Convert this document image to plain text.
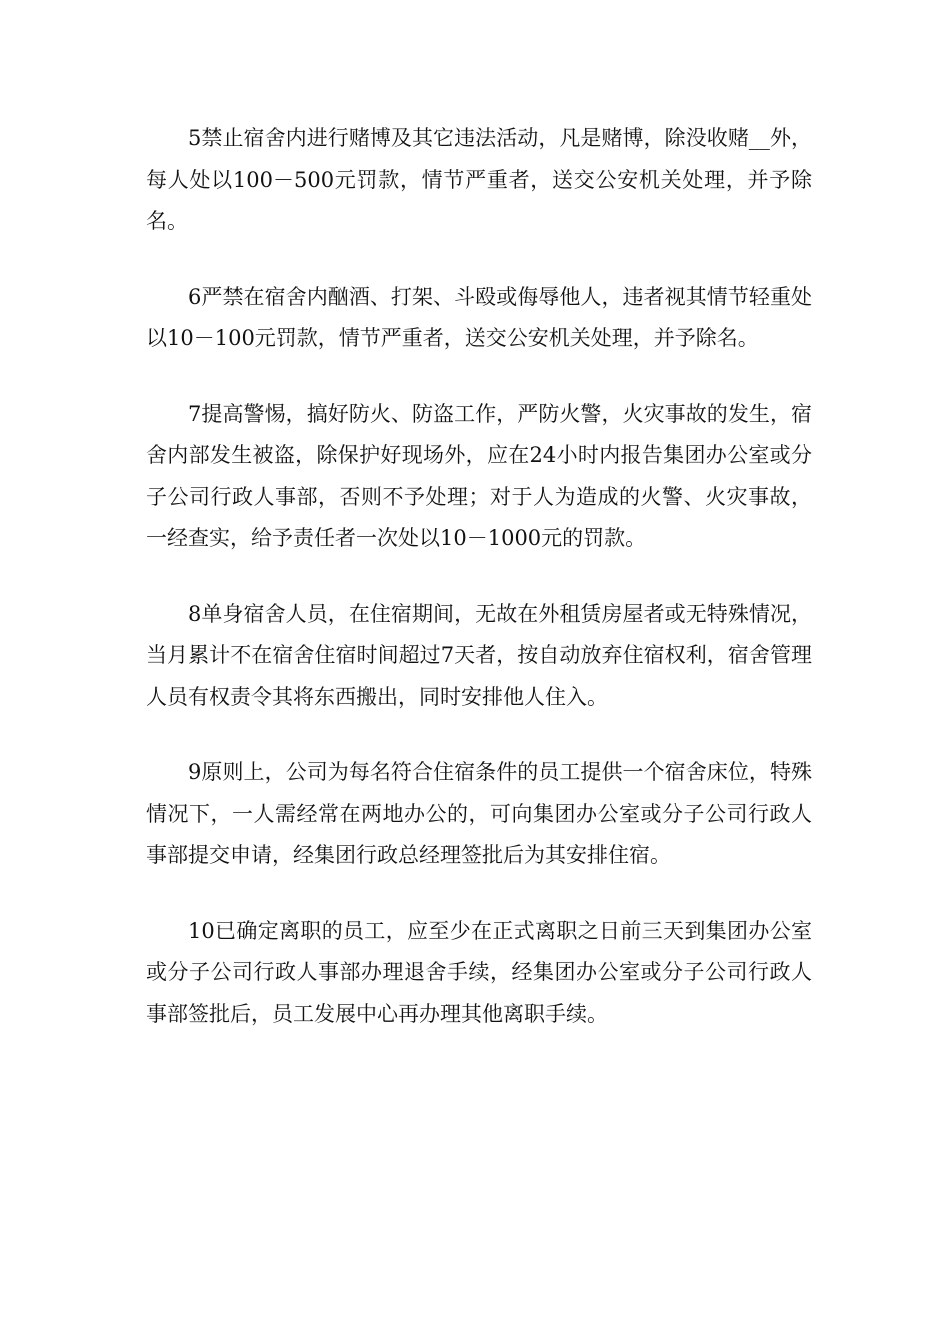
5禁止宿舍内进行赌博及其它违法活动，凡是赌博，除没收赌__外，每人处以100－500元罚款，情节严重者，送交公安机关处理，并予除名。

6严禁在宿舍内酗酒、打架、斗殴或侮辱他人，违者视其情节轻重处以10－100元罚款，情节严重者，送交公安机关处理，并予除名。

7提高警惕，搞好防火、防盗工作，严防火警，火灾事故的发生，宿舍内部发生被盗，除保护好现场外，应在24小时内报告集团办公室或分子公司行政人事部，否则不予处理；对于人为造成的火警、火灾事故，一经查实，给予责任者一次处以10－1000元的罚款。

8单身宿舍人员，在住宿期间，无故在外租赁房屋者或无特殊情况，当月累计不在宿舍住宿时间超过7天者，按自动放弃住宿权利，宿舍管理人员有权责令其将东西搬出，同时安排他人住入。

9原则上，公司为每名符合住宿条件的员工提供一个宿舍床位，特殊情况下，一人需经常在两地办公的，可向集团办公室或分子公司行政人事部提交申请，经集团行政总经理签批后为其安排住宿。

10已确定离职的员工，应至少在正式离职之日前三天到集团办公室或分子公司行政人事部办理退舍手续，经集团办公室或分子公司行政人事部签批后，员工发展中心再办理其他离职手续。
